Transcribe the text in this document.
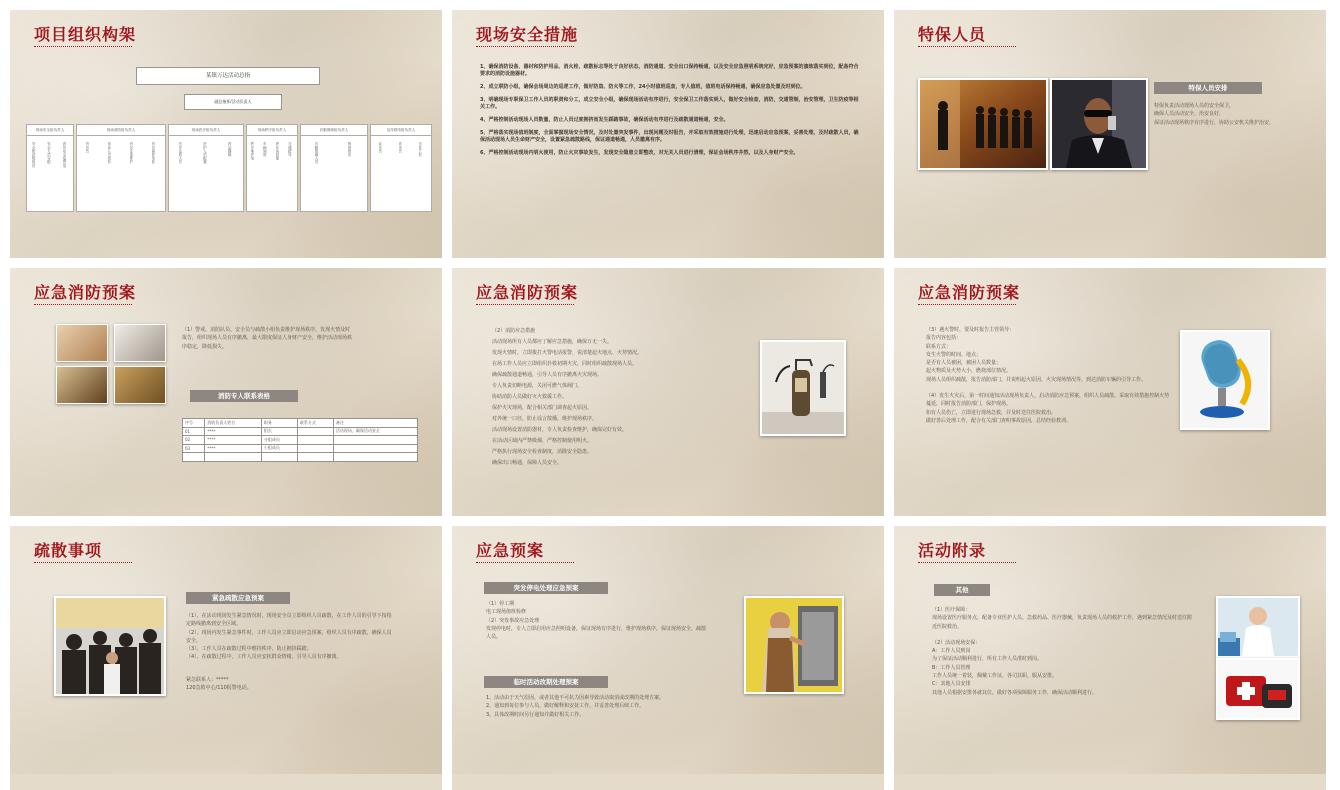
项目组织构架
某镇万达活动总指
副总指挥/活动负责人
现场安全组负责人
安全防范组组员	安全人员分配	消防安全巡逻组
现场消防组负责人
消防员	现场人员疏散	消防设施维护	消防器材保管
现场医疗组负责人
医疗急救人员	医护人员配置	药品器械
现场秩序组负责人
秩序维护组 车辆调度 停车场管理 交通疏导
后勤保障组负责人
后勤保障人员	物资供应
宣传联络组负责人
宣传员	联络员	信息上报
现场安全措施

1、确保消防设备、器材和防护用品、消火栓、疏散标志等处于良好状态，消防通道、安全出口保持畅通，以及安全应急照明系统完好，应急预案的演练落实到位，配备符合要求的消防设施器材。

2、成立联防小组，确保会场周边的巡逻工作，做好防盗、防火等工作，24小时值班巡查，专人值班，值班电话保持畅通，确保应急处置及时到位。

3、明确现场专职保卫工作人员的职责和分工，成立安全小组，确保现场活动有序进行，安全保卫工作落实到人，做好安全检查，消防，交通管制，治安管理，卫生防疫等相关工作。

4、严格控制活动现场人员数量，防止人员过度拥挤而发生踩踏事故，确保活动有序进行及疏散通道畅通，安全。

5、严格落实现场值班制度，全面掌握现场安全情况，及时处置突发事件，出现问题及时报告，并采取有效措施进行处理，迅速启动应急预案，妥善处理，及时疏散人员，确保活动现场人员生命财产安全，设置紧急疏散路线，保证通道畅通，人员撤离有序。

6、严格控制活动现场内明火使用，防止火灾事故发生，发现安全隐患立即整改，对无关人员进行清理，保证会场秩序井然，以及人身财产安全。

特保人员
特保人员安排

特保负责活动现场人员的安全保卫，

确保人员活动安全，治安良好，

保证活动现场秩序有序进行，协助公安机关维护治安。

应急消防预案
（1）警戒、消防队员、安全员与疏散小组负责维护现场秩序，发现火情及时报告，组织现场人员有序撤离，最大限度保证人身财产安全，维护活动现场秩序稳定，降低损失。
消防专人联系表格
序号	消防负责人姓名	职务	联系方式	备注
01	****	组长		活动现场，确保活动安全
02	****	分组成员		
03	****	小组成员		

应急消防预案

（2）消防应急措施

活动现场所有人员都应了解应急措施，确保万无一失。

发现火情时，立即拨打火警电话报警，说清楚起火地点、火势情况。

在场工作人员应立即组织扑救初期火灾，同时组织疏散现场人员。

确保疏散通道畅通，引导人员有序撤离火灾现场。

专人负责切断电源，关闭可燃气体阀门。

协助消防人员做好灭火救援工作。

保护火灾现场，配合相关部门调查起火原因。

对外统一口径，防止谣言散播，维护现场秩序。

活动现场设置消防器材，专人负责检查维护，确保完好有效。

在活动区域内严禁吸烟，严格控制使用明火。

严格执行现场安全检查制度，消除安全隐患。

确保出口畅通，保障人员安全。

应急消防预案

（3）遇火警时，要及时报告主管领导：

报告内容包括：

联系方式：

发生火警的时间、地点；

是否有人员被困，被困人员数量；

起火物质及火势大小，燃烧部位情况。

现场人员组织疏散，报告消防部门，并说明起火原因，火灾现场情况等，到达消防车辆的引导工作。

（4）发生火灾后，第一时间通知活动现场负责人，启动消防应急预案，组织人员疏散，采取有效措施控制火势蔓延，同时报告消防部门，保护现场。

如有人员伤亡，立即进行现场急救，并及时送往医院救治。

做好善后处理工作，配合有关部门查明事故原因，总结经验教训。

疏散事项
紧急疏散应急预案

（1）、在活动现场发生紧急情况时，现场安全员立即组织人员疏散，在工作人员的引导下按指定路线撤离到安全区域。

（2）、现场内发生紧急事件时，工作人员应立即启动应急预案，组织人员有序疏散，确保人员安全。

（3）、工作人员在疏散过程中维持秩序，防止拥挤踩踏。

（4）、在疏散过程中，工作人员应安抚群众情绪，引导人员有序撤离。

紧急联系人：*****

120急救中心/110报警电话。

应急预案
突发停电处理应急预案

（1）停工期

电工现场值班检修

（2）突发事故应急处理

发现停电时，专人立即启用应急照明设备，保证现场有序进行，维护现场秩序，保证现场安全，疏散人员。

临时活动改期处理预案

1、活动由于天气原因，或者其他不可抗力因素导致活动取消或改期的处理方案。

2、通知到每位参与人员，做好解释和安抚工作，并妥善处理后续工作。

3、具体改期时间另行通知并做好相关工作。

活动附录
其他

（1）医疗保障：

现场设置医疗服务点，配备专业医护人员、急救药品、医疗器械，负责现场人员的救护工作，遇到紧急情况及时送往附近医院救治。

（2）活动现场安保：

A：工作人员到岗

为了保证活动顺利进行，所有工作人员准时到岗。

B：工作人员管理

工作人员统一着装，佩戴工作证，各司其职，服从安排。

C：其他人员安排

其他人员根据安排各就其位，做好各项保障服务工作，确保活动顺利进行。
